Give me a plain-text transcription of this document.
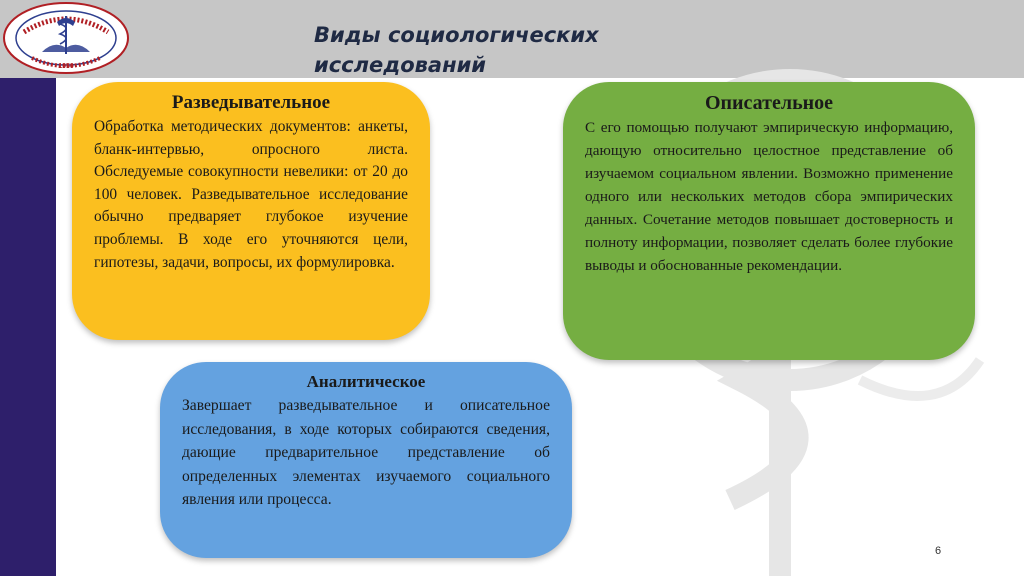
1950
Виды социологических исследований
Разведывательное
Обработка методических документов: анкеты, бланк-интервью, опросного листа. Обследуемые совокупности невелики: от 20 до 100 человек. Разведывательное исследование обычно предваряет глубокое изучение проблемы. В ходе его уточняются цели, гипотезы, задачи, вопросы, их формулировка.
Описательное
С его помощью получают эмпирическую информацию, дающую относительно целостное представление об изучаемом социальном явлении. Возможно применение одного или нескольких методов сбора эмпирических данных. Сочетание методов повышает достоверность и полноту информации, позволяет сделать более глубокие выводы и обоснованные рекомендации.
Аналитическое
Завершает разведывательное и описательное исследования, в ходе которых собираются сведения, дающие предварительное представление об определенных элементах изучаемого социального явления или процесса.
6
